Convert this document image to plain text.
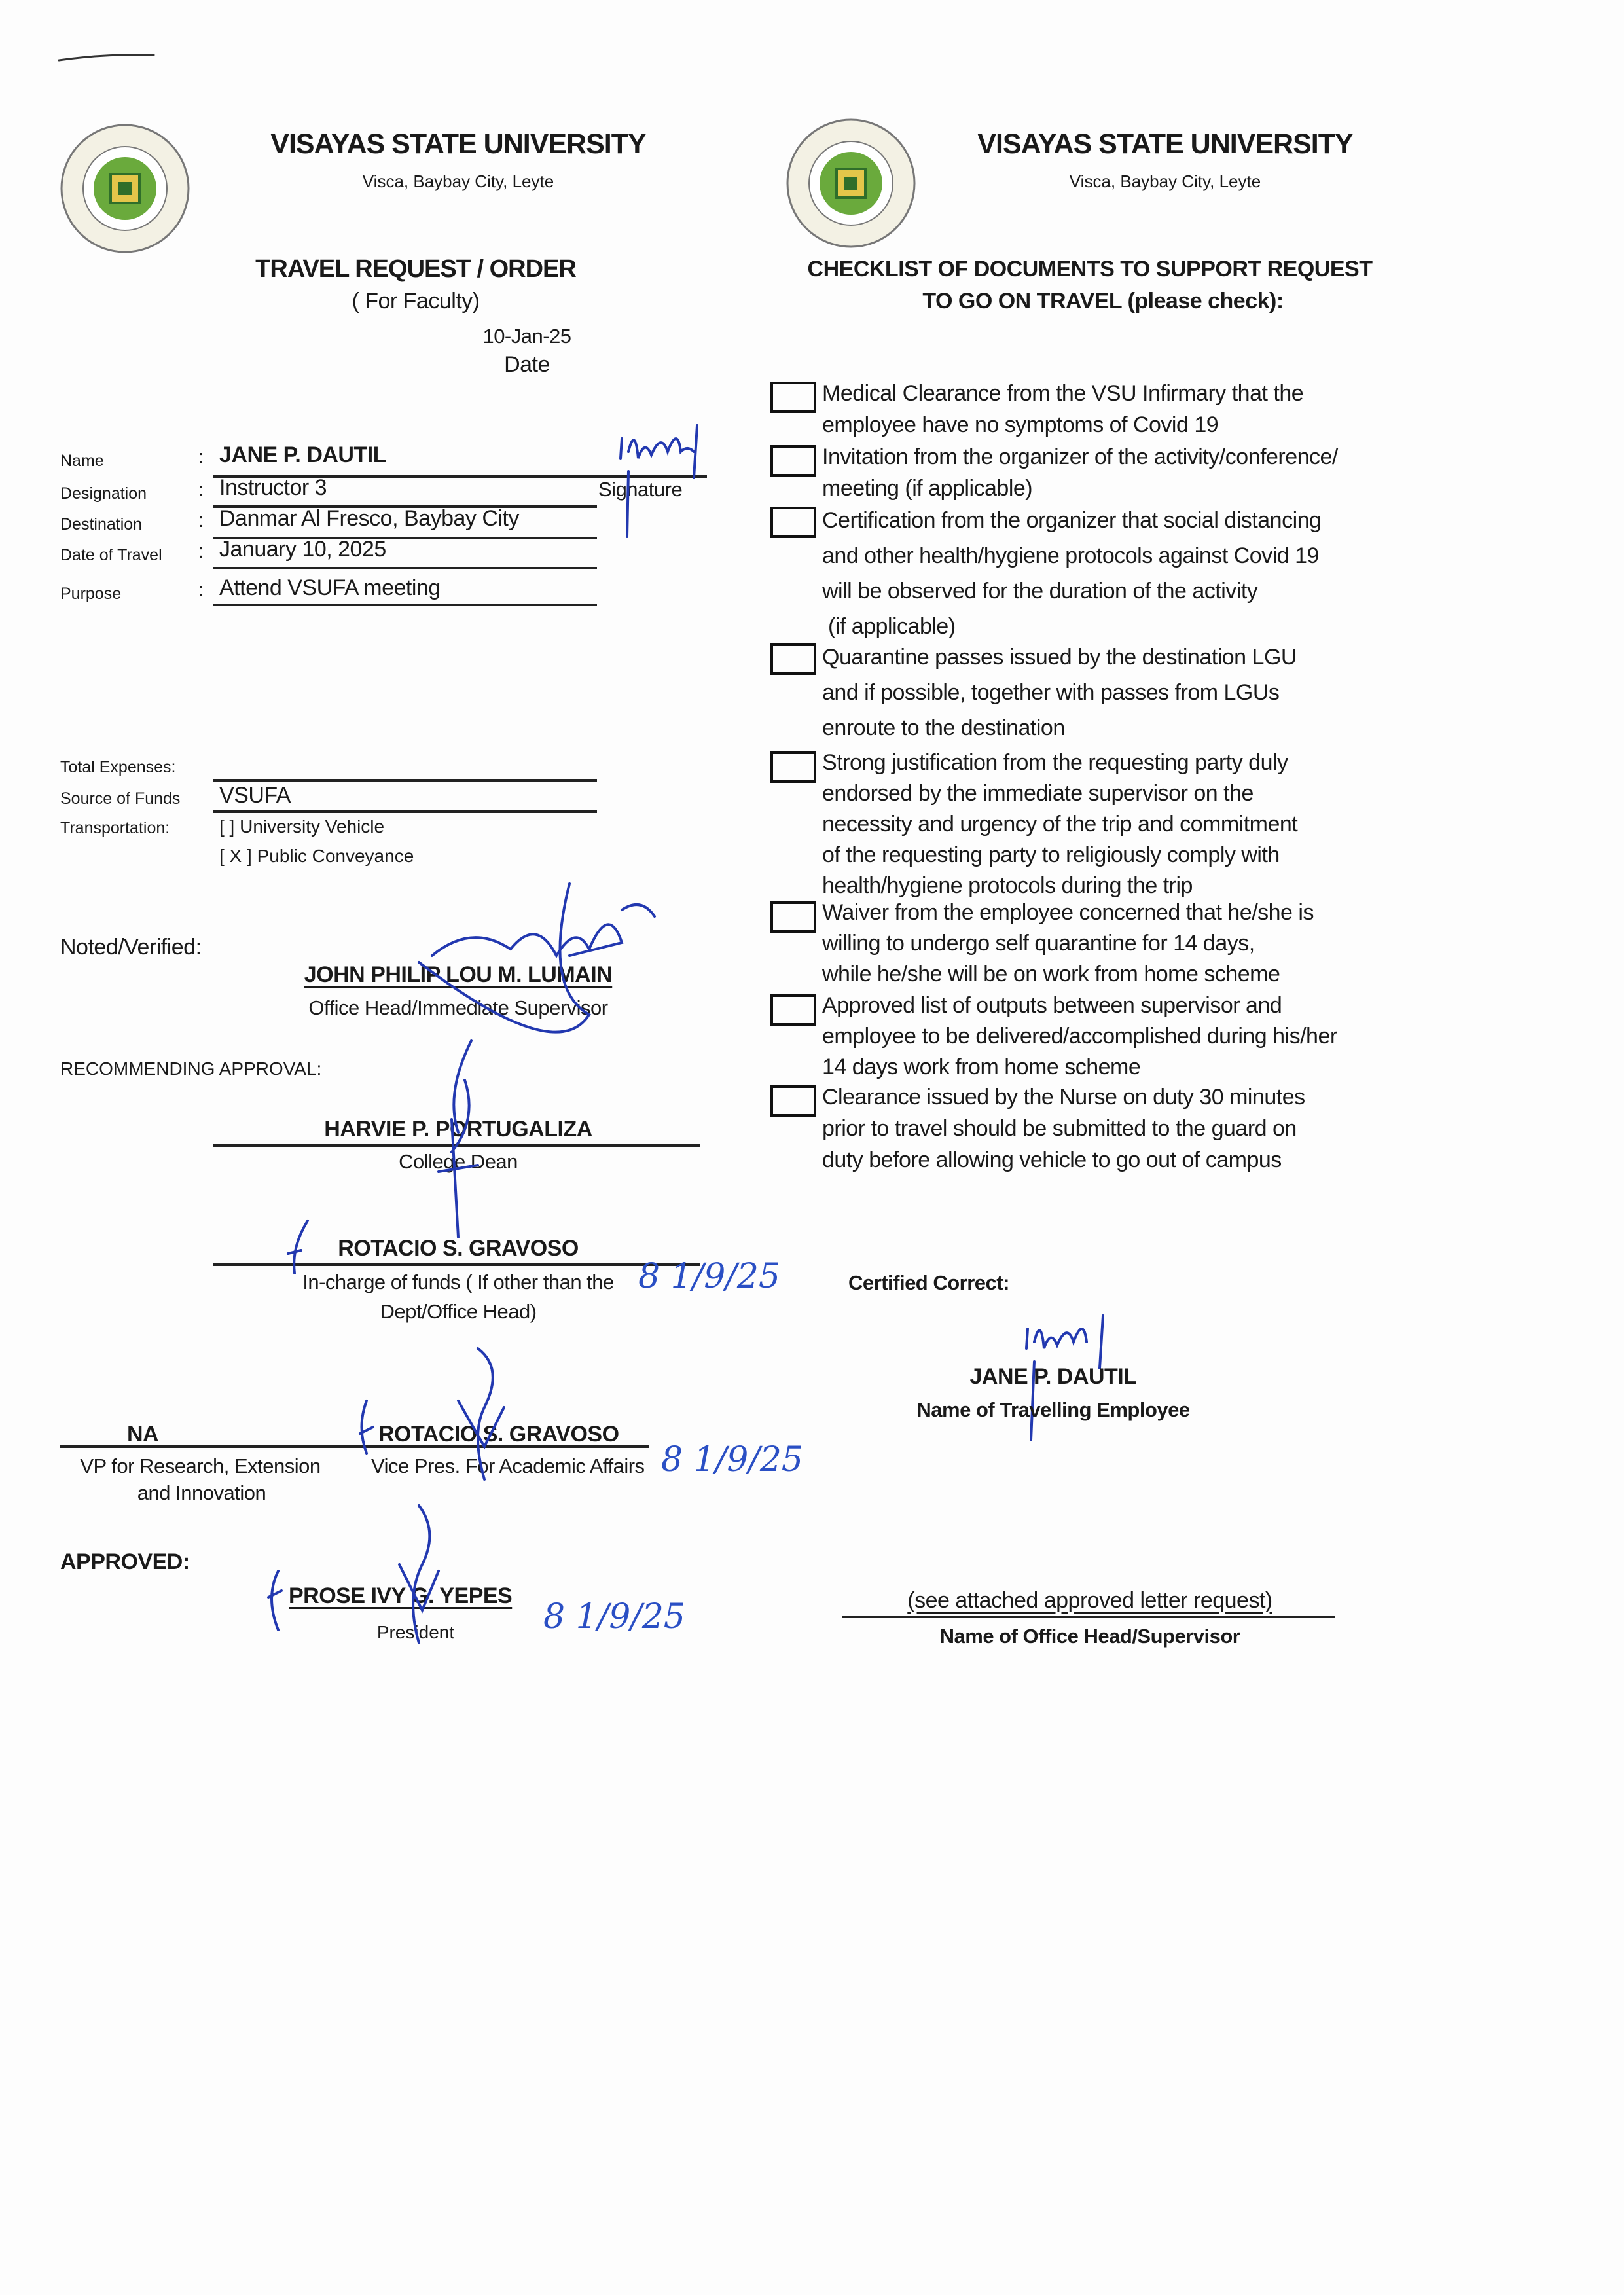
VISAYAS STATE UNIVERSITY
Visca, Baybay City, Leyte
TRAVEL REQUEST / ORDER
( For Faculty)
10-Jan-25
Date
VISAYAS STATE UNIVERSITY
Visca, Baybay City, Leyte
CHECKLIST OF DOCUMENTS TO SUPPORT REQUEST
TO GO ON TRAVEL (please check):
Name	: JANE P. DAUTIL
Signature
Designation	: Instructor 3
Destination	: Danmar Al Fresco, Baybay City
Date of Travel : January 10, 2025
Purpose	: Attend VSUFA meeting
Total Expenses:
Source of Funds VSUFA
Transportation:	[ ] University Vehicle
[ X ] Public Conveyance
Noted/Verified:
JOHN PHILIP LOU M. LUMAIN
Office Head/Immediate Supervisor
RECOMMENDING APPROVAL:
HARVIE P. PORTUGALIZA
College Dean
ROTACIO S. GRAVOSO
In-charge of funds ( If other than the
Dept/Office Head)
NA	ROTACIO S. GRAVOSO
VP for Research, Extension
and Innovation
Vice Pres. For Academic Affairs
APPROVED:
PROSE IVY G. YEPES
President
8 1/9/25
8 1/9/25
8 1/9/25
Medical Clearance from the VSU Infirmary that the
employee have no symptoms of Covid 19
Invitation from the organizer of the activity/conference/
meeting (if applicable)
Certification from the organizer that social distancing
and other health/hygiene protocols against Covid 19
will be observed for the duration of the activity
(if applicable)
Quarantine passes issued by the destination LGU
and if possible, together with passes from LGUs
enroute to the destination
Strong justification from the requesting party duly
endorsed by the immediate supervisor on the
necessity and urgency of the trip and commitment
of the requesting party to religiously comply with
health/hygiene protocols during the trip
Waiver from the employee concerned that he/she is
willing to undergo self quarantine for 14 days,
while he/she will be on work from home scheme
Approved list of outputs between supervisor and
employee to be delivered/accomplished during his/her
14 days work from home scheme
Clearance issued by the Nurse on duty 30 minutes
prior to travel should be submitted to the guard on
duty before allowing vehicle to go out of campus
Certified Correct:
JANE P. DAUTIL
Name of Travelling Employee
(see attached approved letter request)
Name of Office Head/Supervisor
